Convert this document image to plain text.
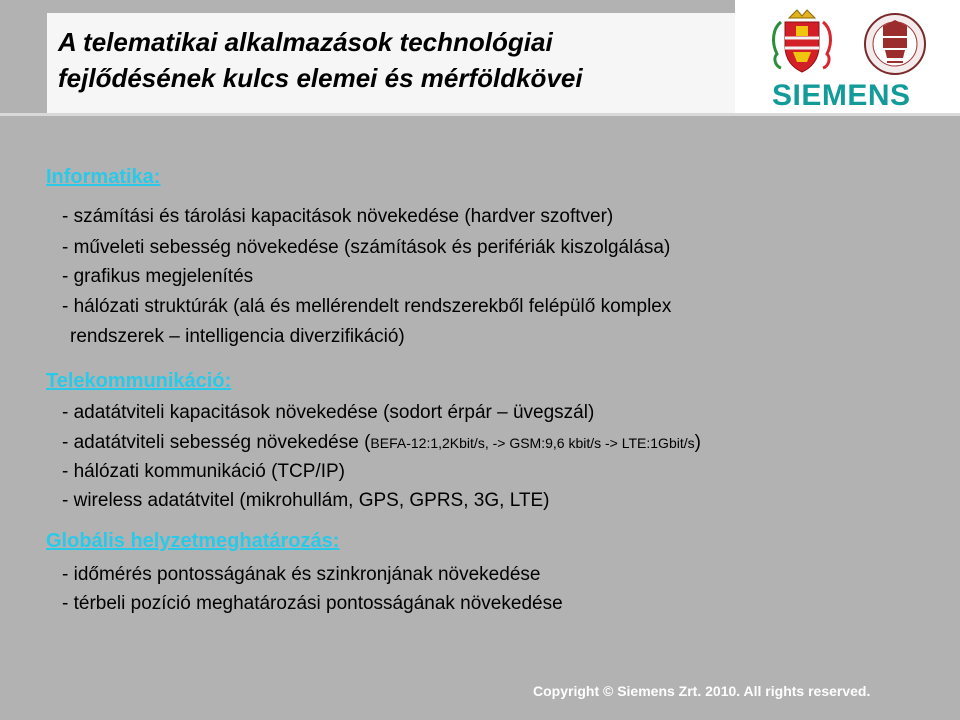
A telematikai alkalmazások technológiai
fejlődésének kulcs elemei és mérföldkövei
SIEMENS
Informatika:
- számítási és tárolási kapacitások növekedése (hardver szoftver)
- műveleti sebesség növekedése (számítások és perifériák kiszolgálása)
- grafikus megjelenítés
- hálózati struktúrák (alá és mellérendelt rendszerekből felépülő komplex
rendszerek – intelligencia diverzifikáció)
Telekommunikáció:
- adatátviteli kapacitások növekedése (sodort érpár – üvegszál)
- adatátviteli sebesség növekedése (BEFA-12:1,2Kbit/s, -> GSM:9,6 kbit/s -> LTE:1Gbit/s)
- hálózati kommunikáció (TCP/IP)
- wireless adatátvitel (mikrohullám, GPS, GPRS, 3G, LTE)
Globális helyzetmeghatározás:
- időmérés pontosságának és szinkronjának növekedése
- térbeli pozíció meghatározási pontosságának növekedése
Copyright © Siemens Zrt. 2010. All rights reserved.
